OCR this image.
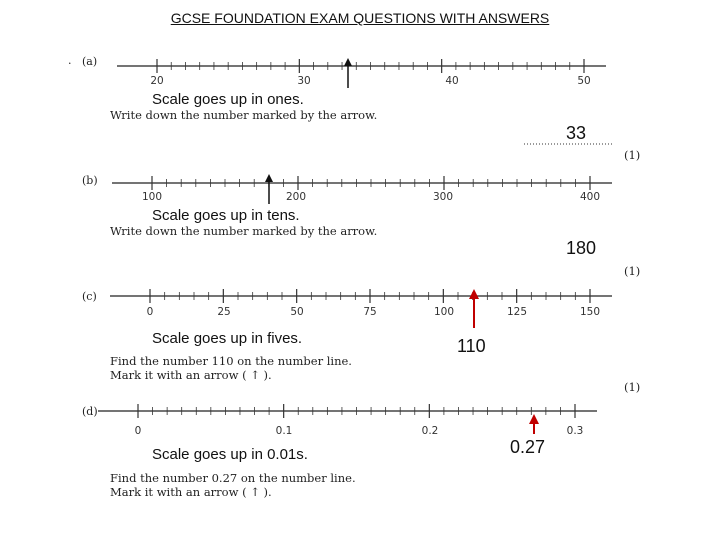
GCSE FOUNDATION EXAM QUESTIONS WITH ANSWERS
. (a)
20	30	40	50
Scale goes up in ones.
Write down the number marked by the arrow.
33
(1)
(b)
100	200	300	400
Scale goes up in tens.
Write down the number marked by the arrow.
180
(1)
(c)
0	25	50	75	100	125	150
Scale goes up in fives.
Find the number 110 on the number line.
Mark it with an arrow ( ↑ ).
110
(1)
(d)
0	0.1	0.2	0.3
Scale goes up in 0.01s.	0.27
Find the number 0.27 on the number line.
Mark it with an arrow ( ↑ ).
